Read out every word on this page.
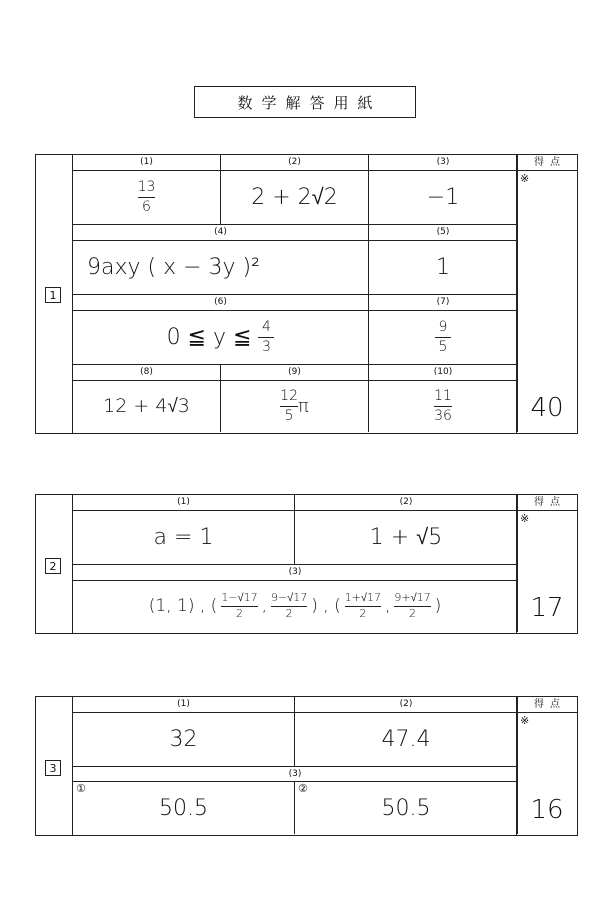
数学解答用紙
1
(1)
$\frac{13}{6}$
(2)
2 + 2√2
(3)
−1
(4)
9axy ( x − 3y )²
(5)
1
(6)
0 ≦ y ≦ $\frac{4}{3}$
(7)
$\frac{9}{5}$
(8)
12 + 4√3
(9)
$\frac{12}{5}$ π
(10)
$\frac{11}{36}$
得点
※
40
2
(1)
a = 1
(2)
1 + √5
(3)
(1, 1) , ( $\frac{1-√17}{2}$ , $\frac{9-√17}{2}$ ) , ( $\frac{1+√17}{2}$ , $\frac{9+√17}{2}$ )
得点
※
17
3
(1)
32
(2)
47.4
(3)
①
50.5
②
50.5
得点
※
16
